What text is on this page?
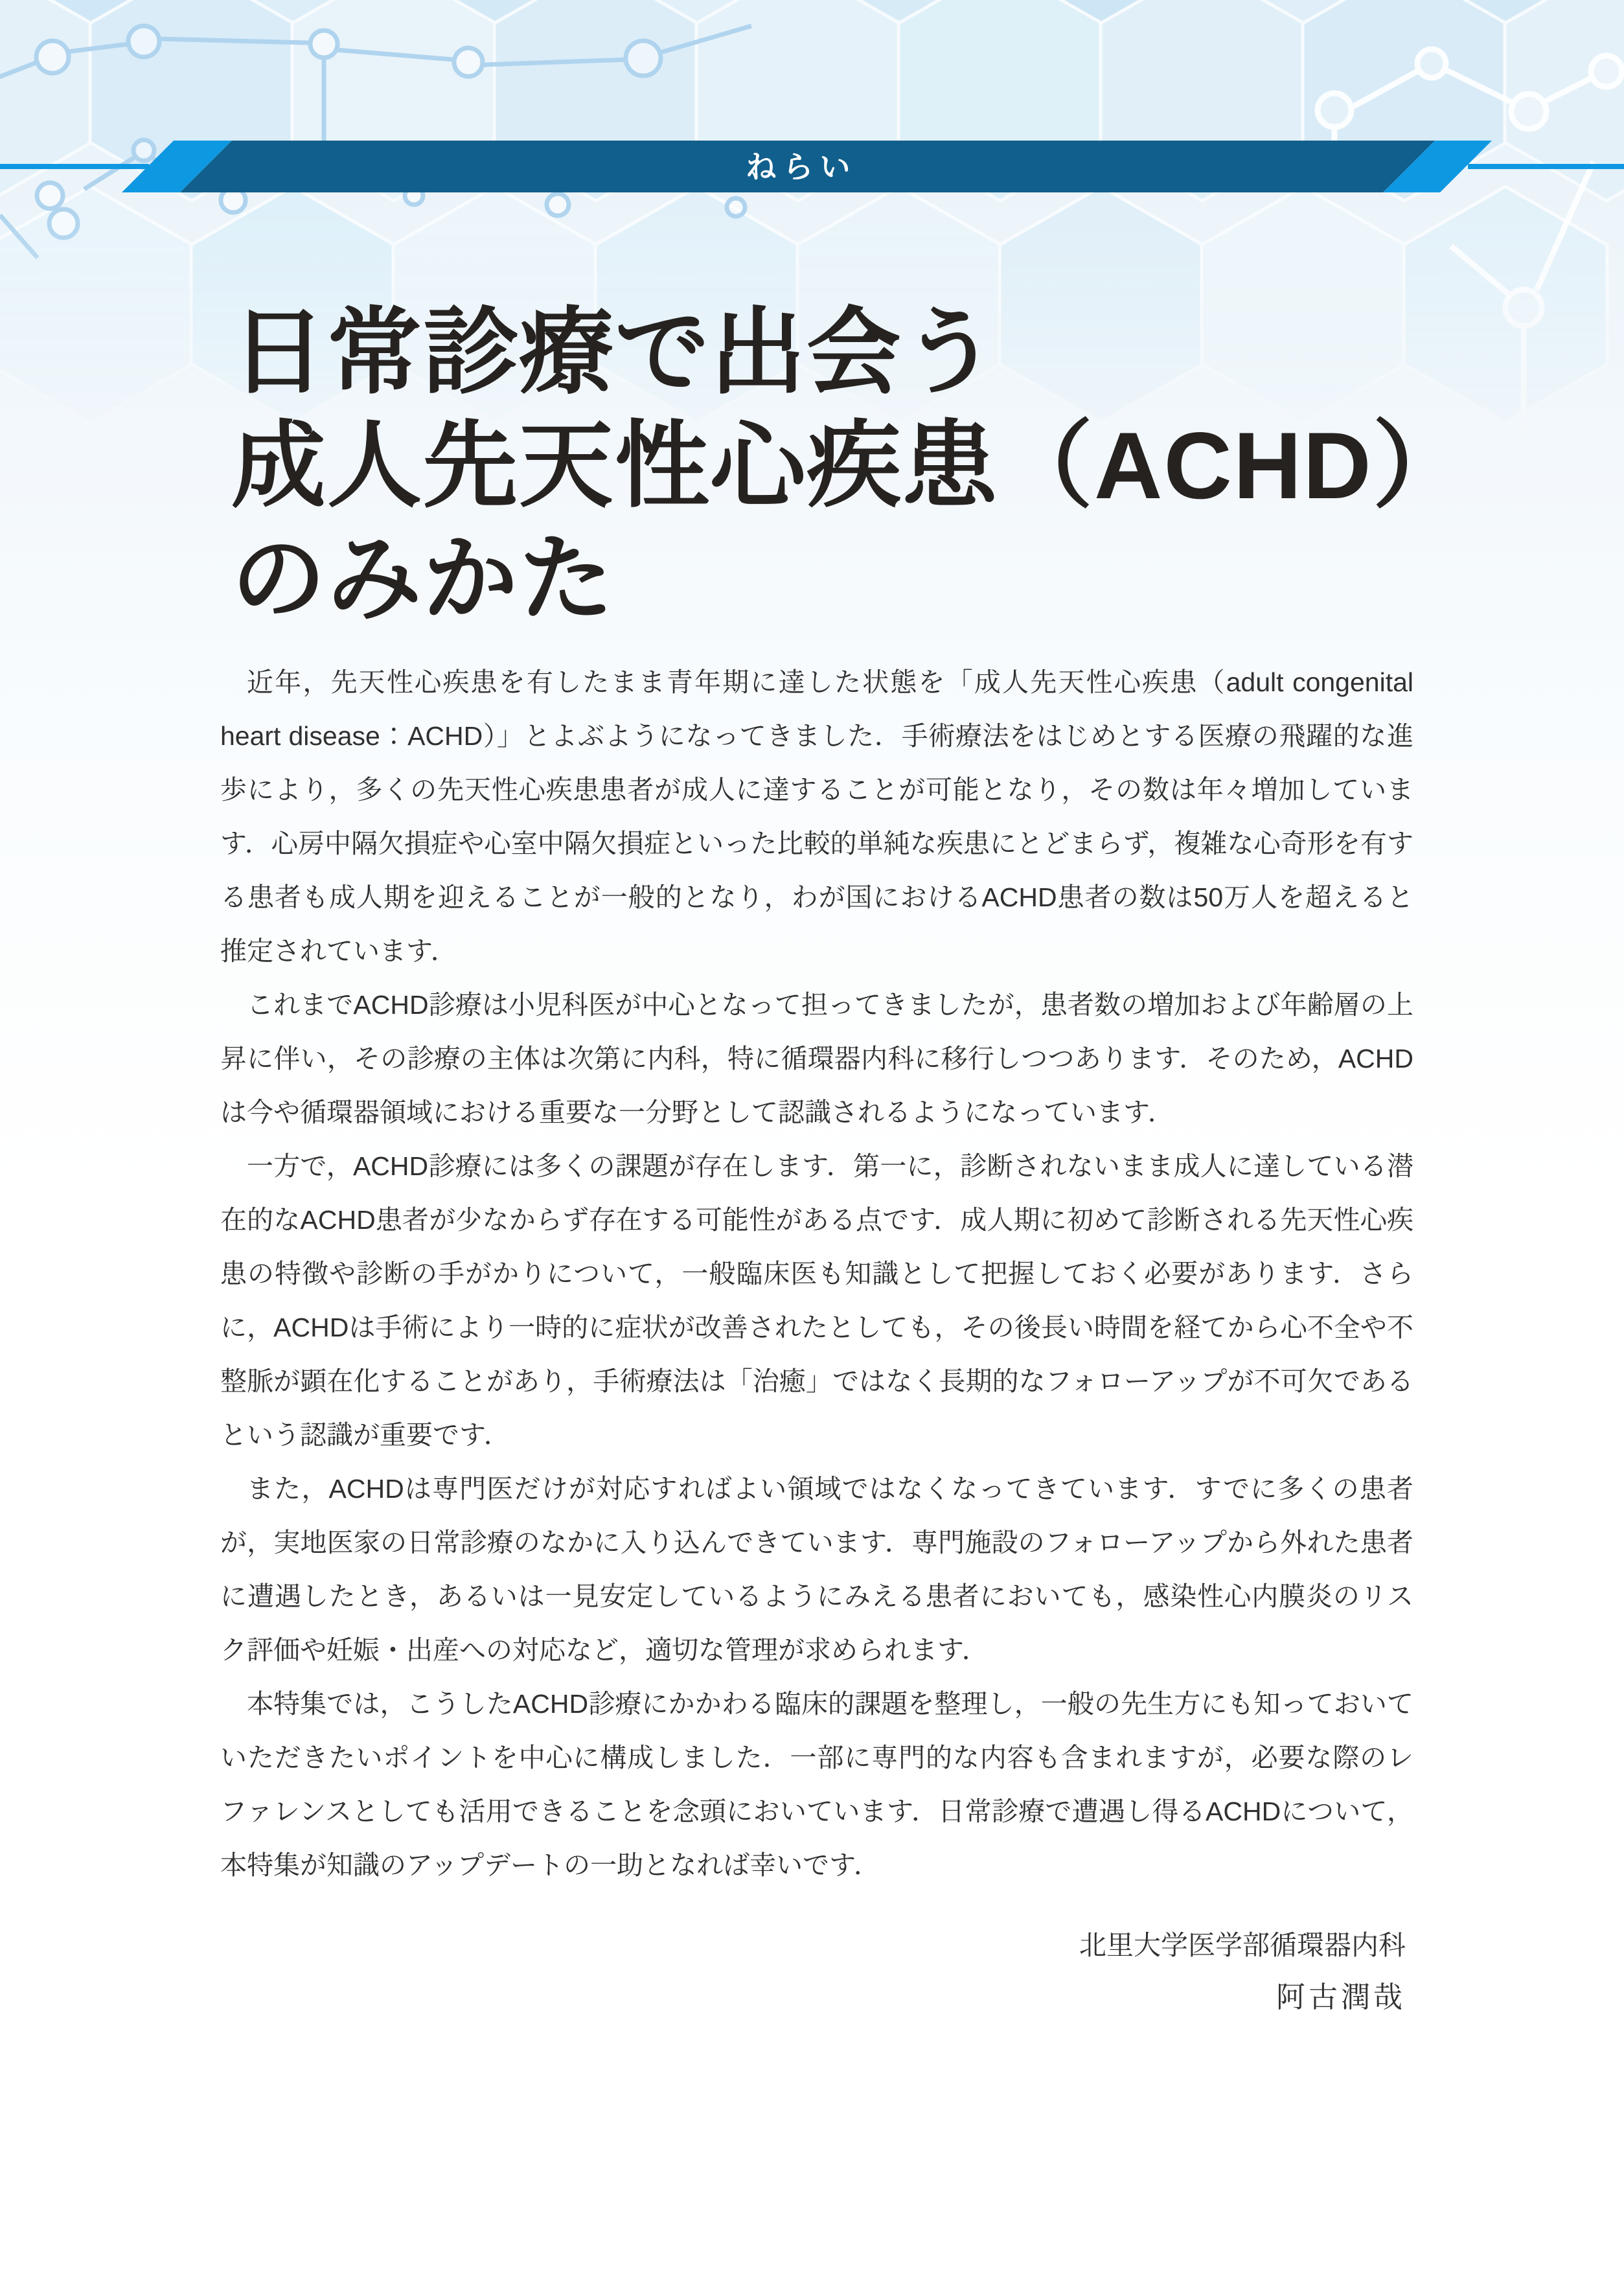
ねらい
日常診療で出会う
成人先天性心疾患（ACHD）
のみかた

近年，先天性心疾患を有したまま青年期に達した状態を「成人先天性心疾患（adult congenital heart disease：ACHD）」とよぶようになってきました．手術療法をはじめとする医療の飛躍的な進歩により，多くの先天性心疾患患者が成人に達することが可能となり，その数は年々増加しています．心房中隔欠損症や心室中隔欠損症といった比較的単純な疾患にとどまらず，複雑な心奇形を有する患者も成人期を迎えることが一般的となり，わが国におけるACHD患者の数は50万人を超えると推定されています．

これまでACHD診療は小児科医が中心となって担ってきましたが，患者数の増加および年齢層の上昇に伴い，その診療の主体は次第に内科，特に循環器内科に移行しつつあります．そのため，ACHDは今や循環器領域における重要な一分野として認識されるようになっています．

一方で，ACHD診療には多くの課題が存在します．第一に，診断されないまま成人に達している潜在的なACHD患者が少なからず存在する可能性がある点です．成人期に初めて診断される先天性心疾患の特徴や診断の手がかりについて，一般臨床医も知識として把握しておく必要があります．さらに，ACHDは手術により一時的に症状が改善されたとしても，その後長い時間を経てから心不全や不整脈が顕在化することがあり，手術療法は「治癒」ではなく長期的なフォローアップが不可欠であるという認識が重要です．

また，ACHDは専門医だけが対応すればよい領域ではなくなってきています．すでに多くの患者が，実地医家の日常診療のなかに入り込んできています．専門施設のフォローアップから外れた患者に遭遇したとき，あるいは一見安定しているようにみえる患者においても，感染性心内膜炎のリスク評価や妊娠・出産への対応など，適切な管理が求められます．

本特集では，こうしたACHD診療にかかわる臨床的課題を整理し，一般の先生方にも知っておいていただきたいポイントを中心に構成しました．一部に専門的な内容も含まれますが，必要な際のレファレンスとしても活用できることを念頭においています．日常診療で遭遇し得るACHDについて，本特集が知識のアップデートの一助となれば幸いです．

北里大学医学部循環器内科
阿古潤哉
